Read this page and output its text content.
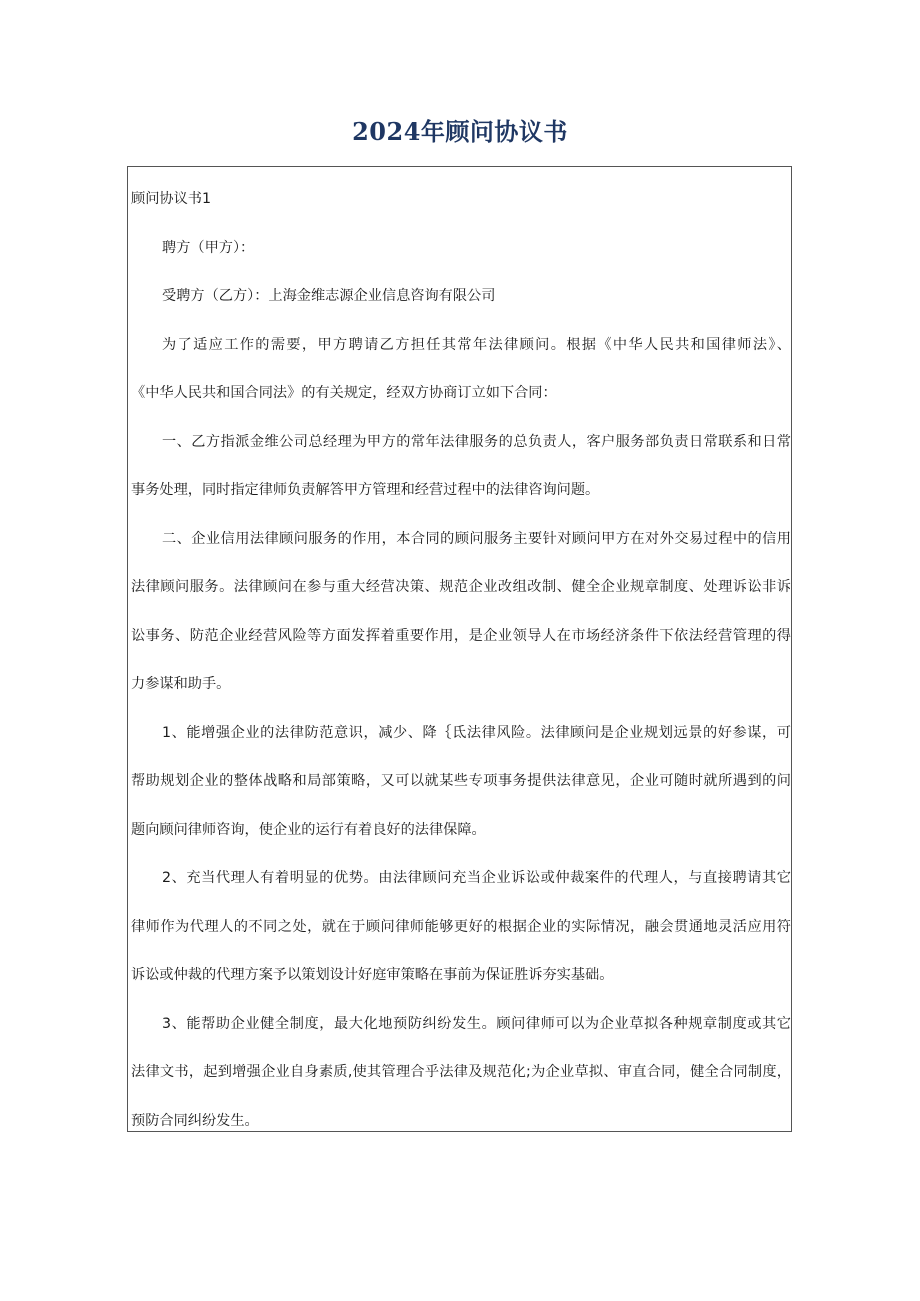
2024年顾问协议书

顾问协议书1

聘方（甲方）：

受聘方（乙方）：上海金维志源企业信息咨询有限公司

为了适应工作的需要，甲方聘请乙方担任其常年法律顾问。根据《中华人民共和国律师法》、

《中华人民共和国合同法》的有关规定，经双方协商订立如下合同：

一、乙方指派金维公司总经理为甲方的常年法律服务的总负责人，客户服务部负责日常联系和日常

事务处理，同时指定律师负责解答甲方管理和经营过程中的法律咨询问题。

二、企业信用法律顾问服务的作用，本合同的顾问服务主要针对顾问甲方在对外交易过程中的信用

法律顾问服务。法律顾问在参与重大经营决策、规范企业改组改制、健全企业规章制度、处理诉讼非诉

讼事务、防范企业经营风险等方面发挥着重要作用，是企业领导人在市场经济条件下依法经营管理的得

力参谋和助手。

1、能增强企业的法律防范意识，减少、降｛氐法律风险。法律顾问是企业规划远景的好参谋，可

帮助规划企业的整体战略和局部策略，又可以就某些专项事务提供法律意见，企业可随时就所遇到的问

题向顾问律师咨询，使企业的运行有着良好的法律保障。

2、充当代理人有着明显的优势。由法律顾问充当企业诉讼或仲裁案件的代理人，与直接聘请其它

律师作为代理人的不同之处，就在于顾问律师能够更好的根据企业的实际情况，融会贯通地灵活应用符

诉讼或仲裁的代理方案予以策划设计好庭审策略在事前为保证胜诉夯实基础。

3、能帮助企业健全制度，最大化地预防纠纷发生。顾问律师可以为企业草拟各种规章制度或其它

法律文书，起到增强企业自身素质,使其管理合乎法律及规范化;为企业草拟、审直合同，健全合同制度，

预防合同纠纷发生。
